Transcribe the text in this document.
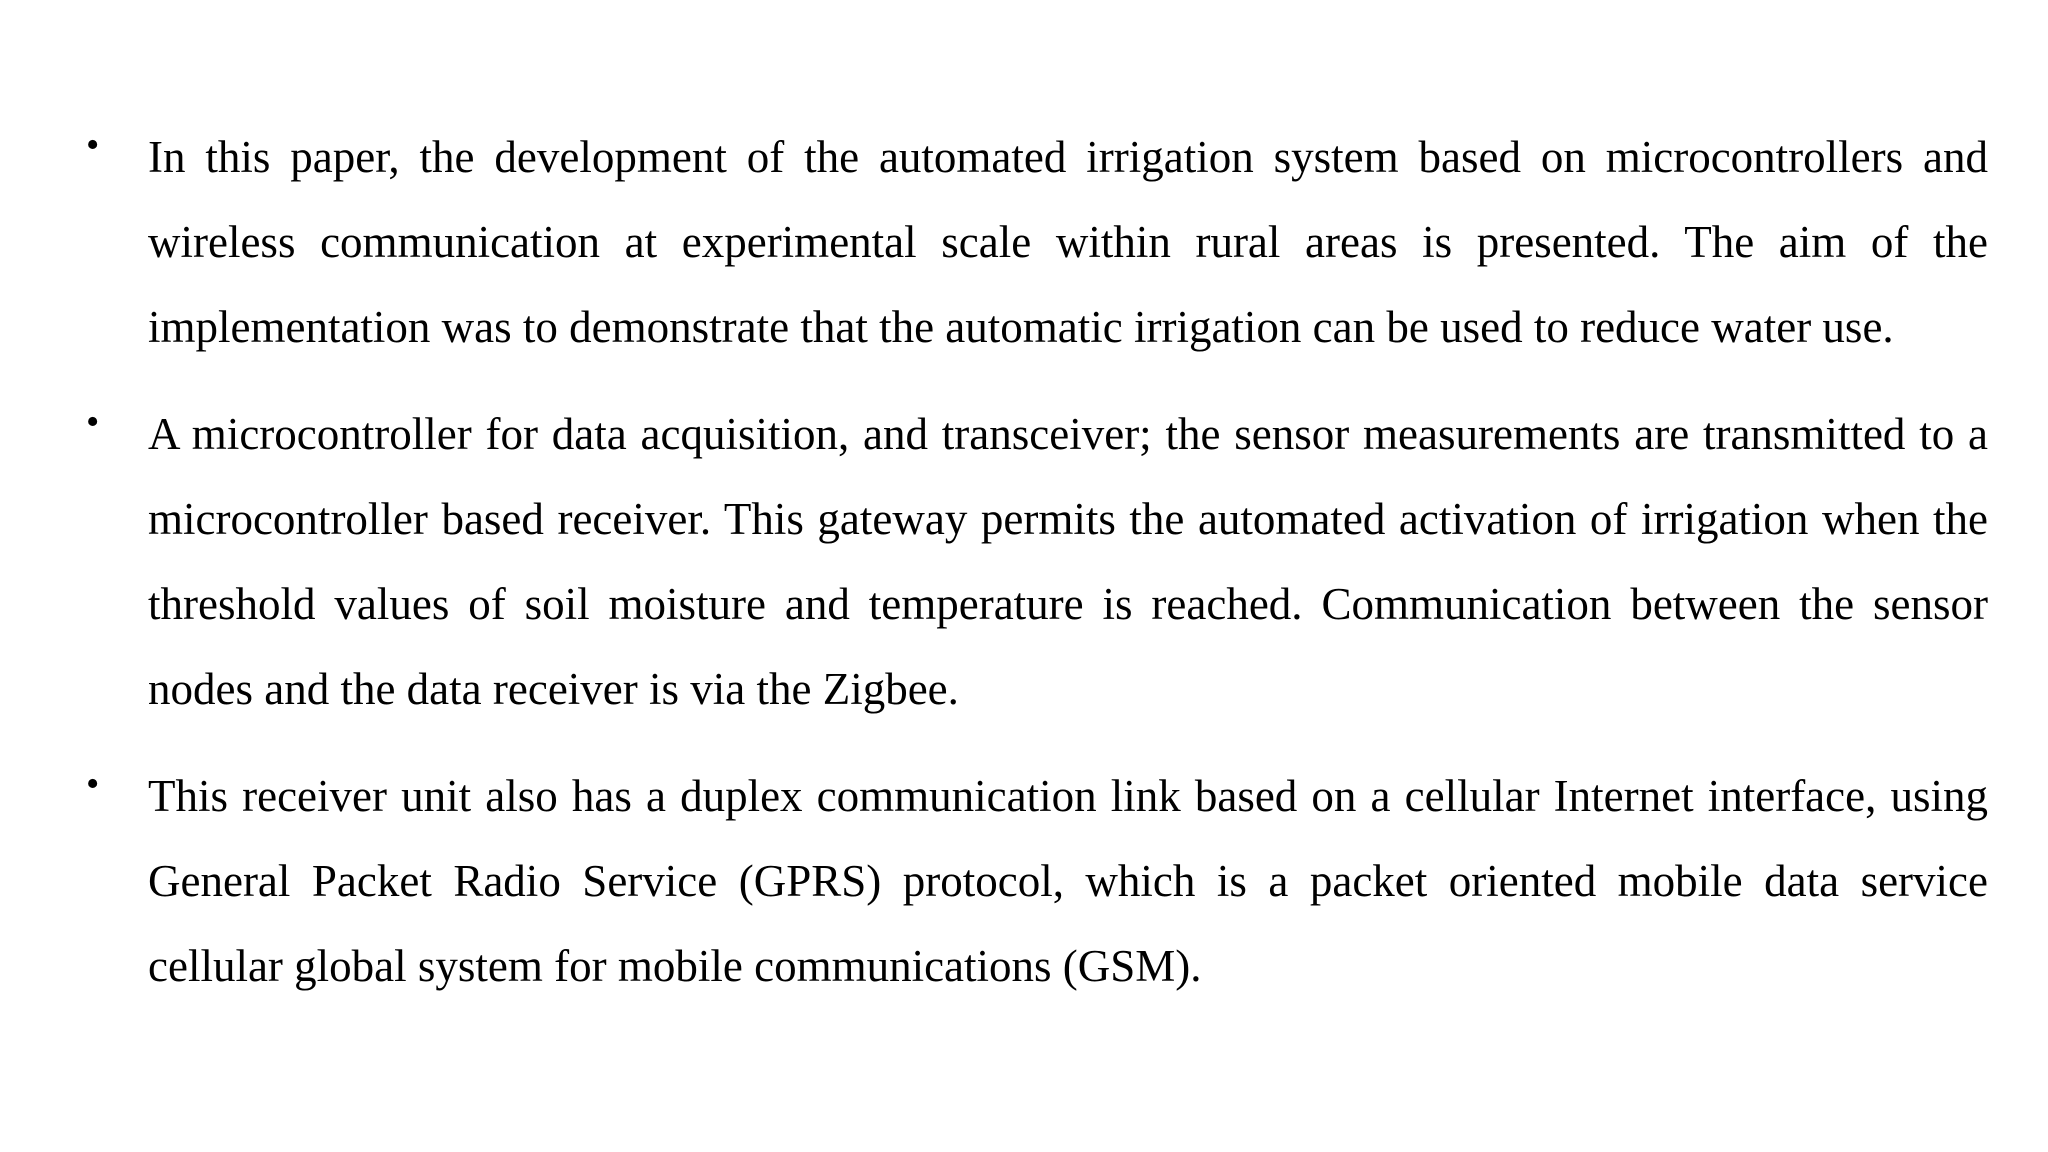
•	In this paper, the development of the automated irrigation system based on microcontrollers and wireless communication at experimental scale within rural areas is presented. The aim of the implementation was to demonstrate that the automatic irrigation can be used to reduce water use.

•	A microcontroller for data acquisition, and transceiver; the sensor measurements are transmitted to a microcontroller based receiver. This gateway permits the automated activation of irrigation when the threshold values of soil moisture and temperature is reached. Communication between the sensor nodes and the data receiver is via the Zigbee.

•	This receiver unit also has a duplex communication link based on a cellular Internet interface, using General Packet Radio Service (GPRS) protocol, which is a packet oriented mobile data service cellular global system for mobile communications (GSM).
